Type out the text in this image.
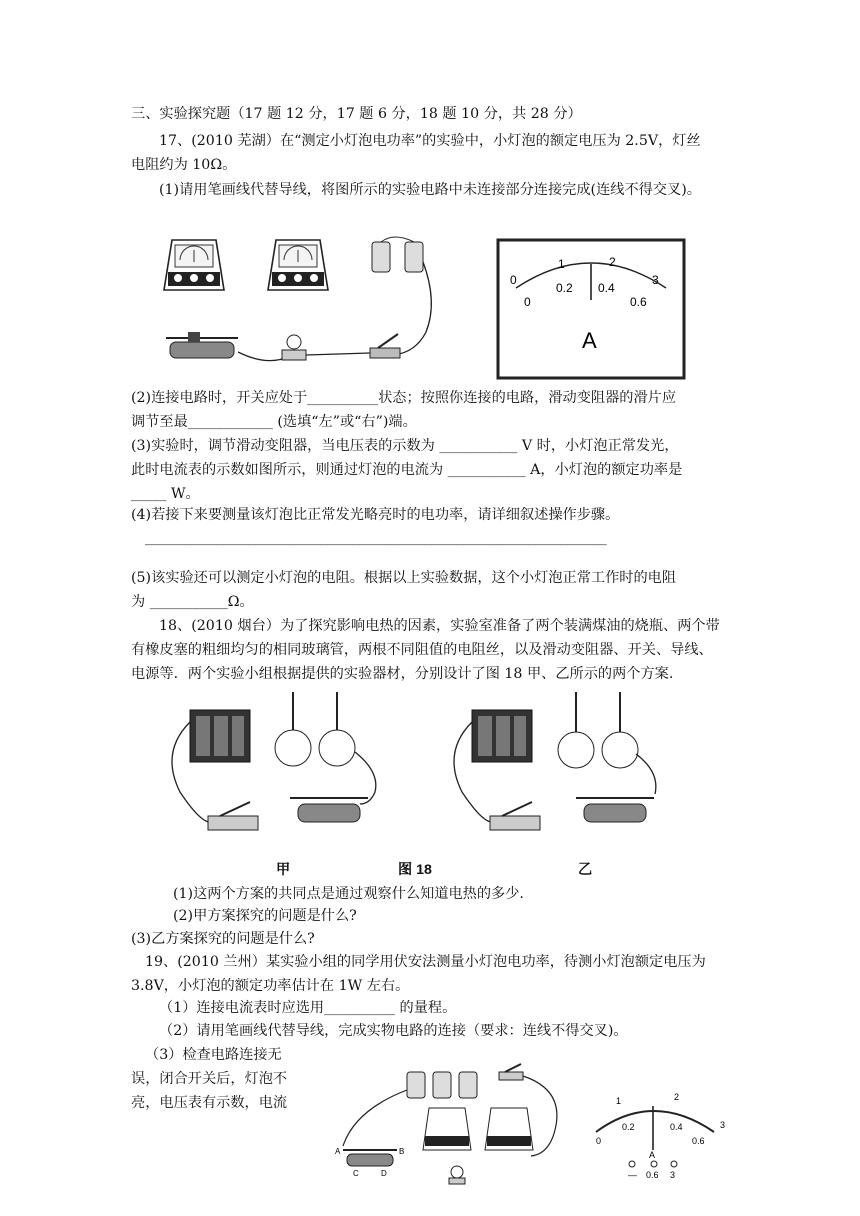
三、实验探究题（17 题 12 分，17 题 6 分，18 题 10 分，共 28 分）
17、(2010 芜湖）在“测定小灯泡电功率”的实验中，小灯泡的额定电压为 2.5V，灯丝
电阻约为 10Ω。
(1)请用笔画线代替导线，将图所示的实验电路中未连接部分连接完成(连线不得交叉)。
0
1	2
3
0
0.2 0.4
0.6
A
(2)连接电路时，开关应处于__________状态；按照你连接的电路，滑动变阻器的滑片应
调节至最____________ (选填“左”或“右”)端。
(3)实验时，调节滑动变阻器，当电压表的示数为 ___________ V 时，小灯泡正常发光，
此时电流表的示数如图所示，则通过灯泡的电流为 ___________ A，小灯泡的额定功率是
_____ W。
(4)若接下来要测量该灯泡比正常发光略亮时的电功率，请详细叙述操作步骤。
_______________________________________________________________________
(5)该实验还可以测定小灯泡的电阻。根据以上实验数据，这个小灯泡正常工作时的电阻
为 ___________Ω。
18、(2010 烟台）为了探究影响电热的因素，实验室准备了两个装满煤油的烧瓶、两个带
有橡皮塞的粗细均匀的相同玻璃管，两根不同阻值的电阻丝，以及滑动变阻器、开关、导线、
电源等．两个实验小组根据提供的实验器材，分别设计了图 18 甲、乙所示的两个方案.
甲	图 18	乙
(1)这两个方案的共同点是通过观察什么知道电热的多少.
(2)甲方案探究的问题是什么?
(3)乙方案探究的问题是什么?
19、(2010 兰州）某实验小组的同学用伏安法测量小灯泡电功率，待测小灯泡额定电压为
3.8V，小灯泡的额定功率估计在 1W 左右。
（1）连接电流表时应选用__________ 的量程。
（2）请用笔画线代替导线，完成实物电路的连接（要求：连线不得交叉)。
（3）检查电路连接无
误，闭合开关后，灯泡不
亮，电压表有示数，电流
A	B
C	D
1	2
3
0
0.2	0.4
0.6
A
— 0.6 3
